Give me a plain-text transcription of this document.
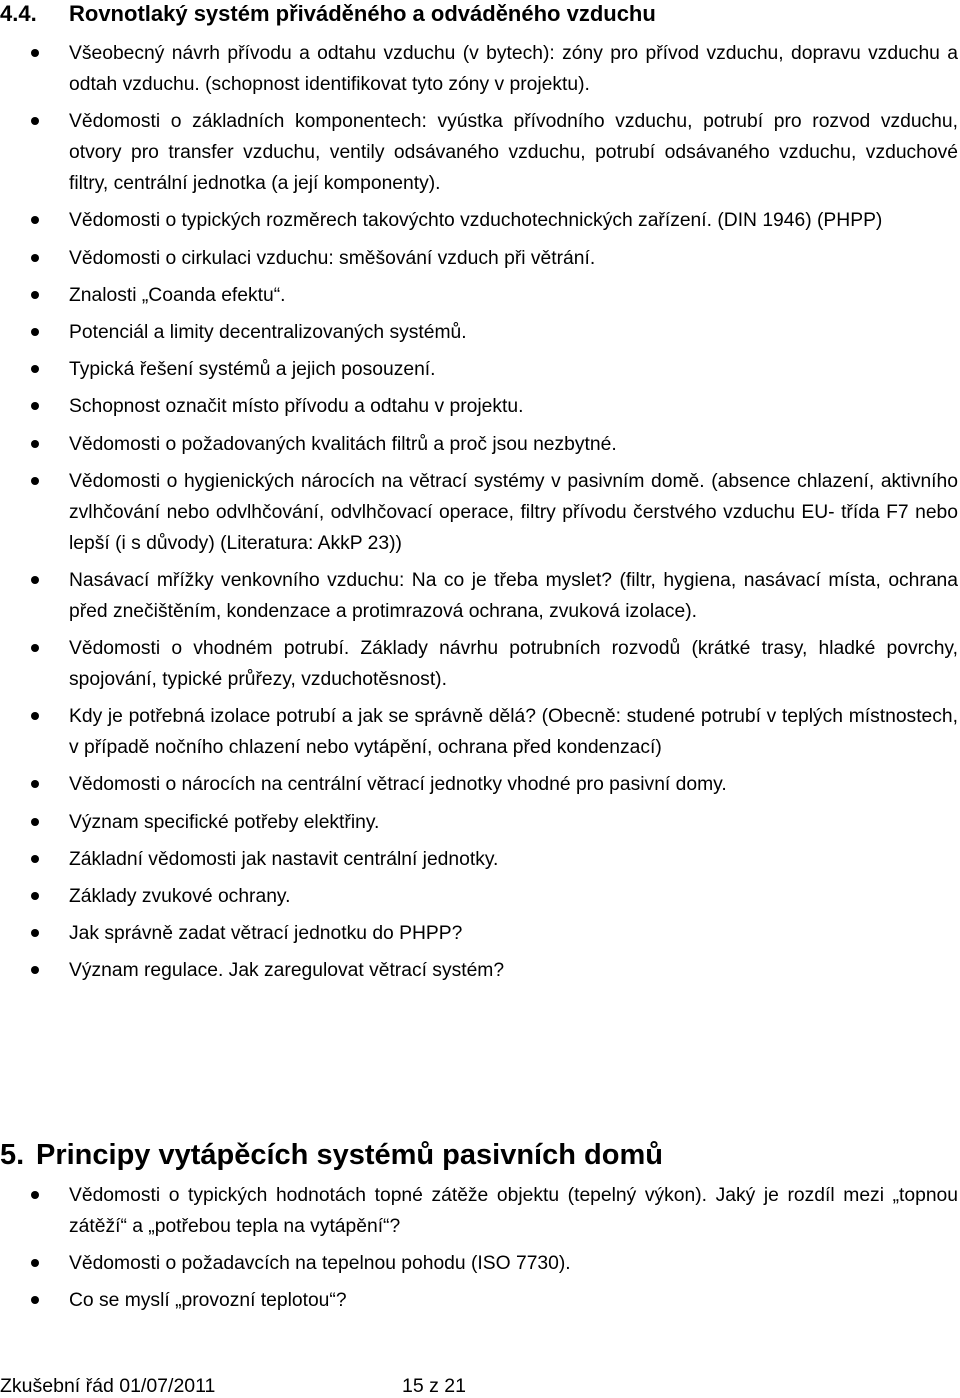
4.4. Rovnotlaký systém přiváděného a odváděného vzduchu
Všeobecný návrh přívodu a odtahu vzduchu (v bytech): zóny pro přívod vzduchu, dopravu vzduchu a odtah vzduchu. (schopnost identifikovat tyto zóny v projektu).
Vědomosti o základních komponentech: vyústka přívodního vzduchu, potrubí pro rozvod vzduchu, otvory pro transfer vzduchu, ventily odsávaného vzduchu, potrubí odsávaného vzduchu, vzduchové filtry, centrální jednotka (a její komponenty).
Vědomosti o typických rozměrech takovýchto vzduchotechnických zařízení. (DIN 1946) (PHPP)
Vědomosti o cirkulaci vzduchu: směšování vzduch při větrání.
Znalosti „Coanda efektu“.
Potenciál a limity decentralizovaných systémů.
Typická řešení systémů a jejich posouzení.
Schopnost označit místo přívodu a odtahu v projektu.
Vědomosti o požadovaných kvalitách filtrů a proč jsou nezbytné.
Vědomosti o hygienických nárocích na větrací systémy v pasivním domě. (absence chlazení, aktivního zvlhčování nebo odvlhčování, odvlhčovací operace, filtry přívodu čerstvého vzduchu EU- třída F7 nebo lepší (i s důvody) (Literatura: AkkP 23))
Nasávací mřížky venkovního vzduchu: Na co je třeba myslet? (filtr, hygiena, nasávací místa, ochrana před znečištěním, kondenzace a protimrazová ochrana, zvuková izolace).
Vědomosti o vhodném potrubí. Základy návrhu potrubních rozvodů (krátké trasy, hladké povrchy, spojování, typické průřezy, vzduchotěsnost).
Kdy je potřebná izolace potrubí a jak se správně dělá? (Obecně: studené potrubí v teplých místnostech, v případě nočního chlazení nebo vytápění, ochrana před kondenzací)
Vědomosti o nárocích na centrální větrací jednotky vhodné pro pasivní domy.
Význam specifické potřeby elektřiny.
Základní vědomosti jak nastavit centrální jednotky.
Základy zvukové ochrany.
Jak správně zadat větrací jednotku do PHPP?
Význam regulace. Jak zaregulovat větrací systém?
5. Principy vytápěcích systémů pasivních domů
Vědomosti o typických hodnotách topné zátěže objektu (tepelný výkon). Jaký je rozdíl mezi „topnou zátěží“ a „potřebou tepla na vytápění“?
Vědomosti o požadavcích na tepelnou pohodu (ISO 7730).
Co se myslí „provozní teplotou“?
Zkušební řád 01/07/2011	15 z 21
